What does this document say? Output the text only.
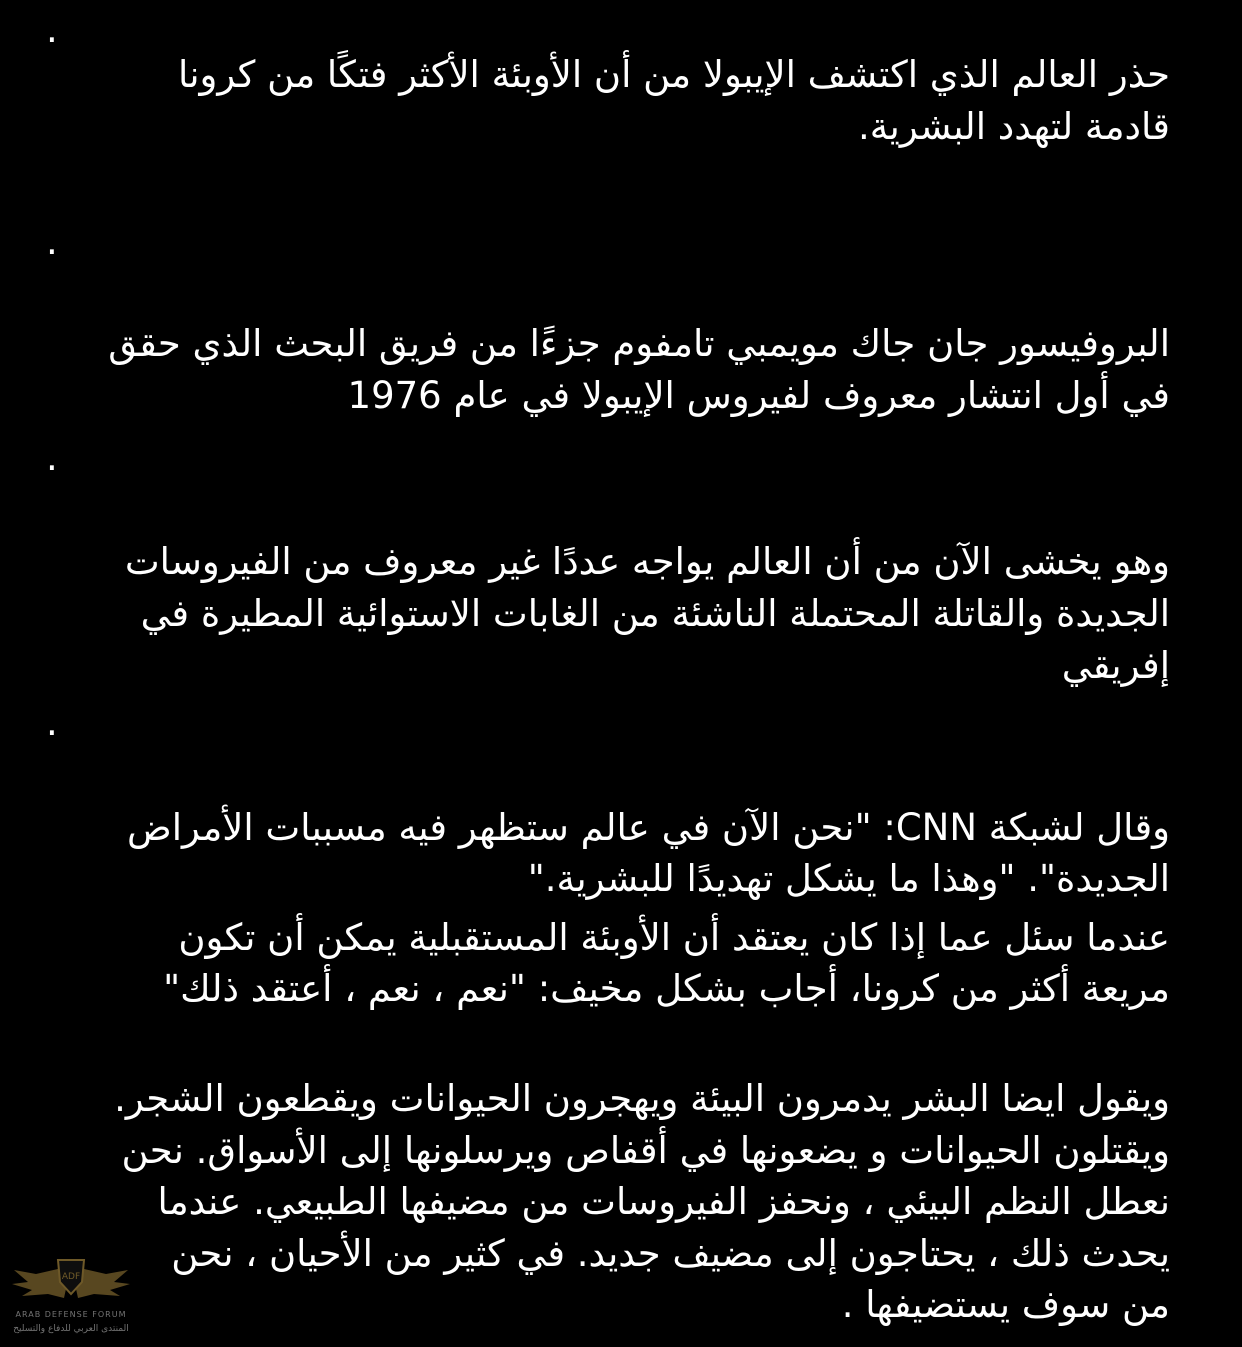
.
حذر العالم الذي اكتشف الإيبولا من أن الأوبئة الأكثر فتكًا من كرونا
قادمة لتهدد البشرية.
.
البروفيسور جان جاك مويمبي تامفوم جزءًا من فريق البحث الذي حقق
في أول انتشار معروف لفيروس الإيبولا في عام 1976
.
وهو يخشى الآن من أن العالم يواجه عددًا غير معروف من الفيروسات
الجديدة والقاتلة المحتملة الناشئة من الغابات الاستوائية المطيرة في
إفريقي
.
وقال لشبكة CNN: "نحن الآن في عالم ستظهر فيه مسببات الأمراض
الجديدة". "وهذا ما يشكل تهديدًا للبشرية."
عندما سئل عما إذا كان يعتقد أن الأوبئة المستقبلية يمكن أن تكون
مريعة أكثر من كرونا، أجاب بشكل مخيف: "نعم ، نعم ، أعتقد ذلك"
ويقول ايضا البشر يدمرون البيئة ويهجرون الحيوانات ويقطعون الشجر.
ويقتلون الحيوانات و يضعونها في أقفاص ويرسلونها إلى الأسواق. نحن
نعطل النظم البيئي ، ونحفز الفيروسات من مضيفها الطبيعي. عندما
يحدث ذلك ، يحتاجون إلى مضيف جديد. في كثير من الأحيان ، نحن
من سوف يستضيفها .
ADF
ARAB DEFENSE FORUM
المنتدى العربي للدفاع والتسليح
